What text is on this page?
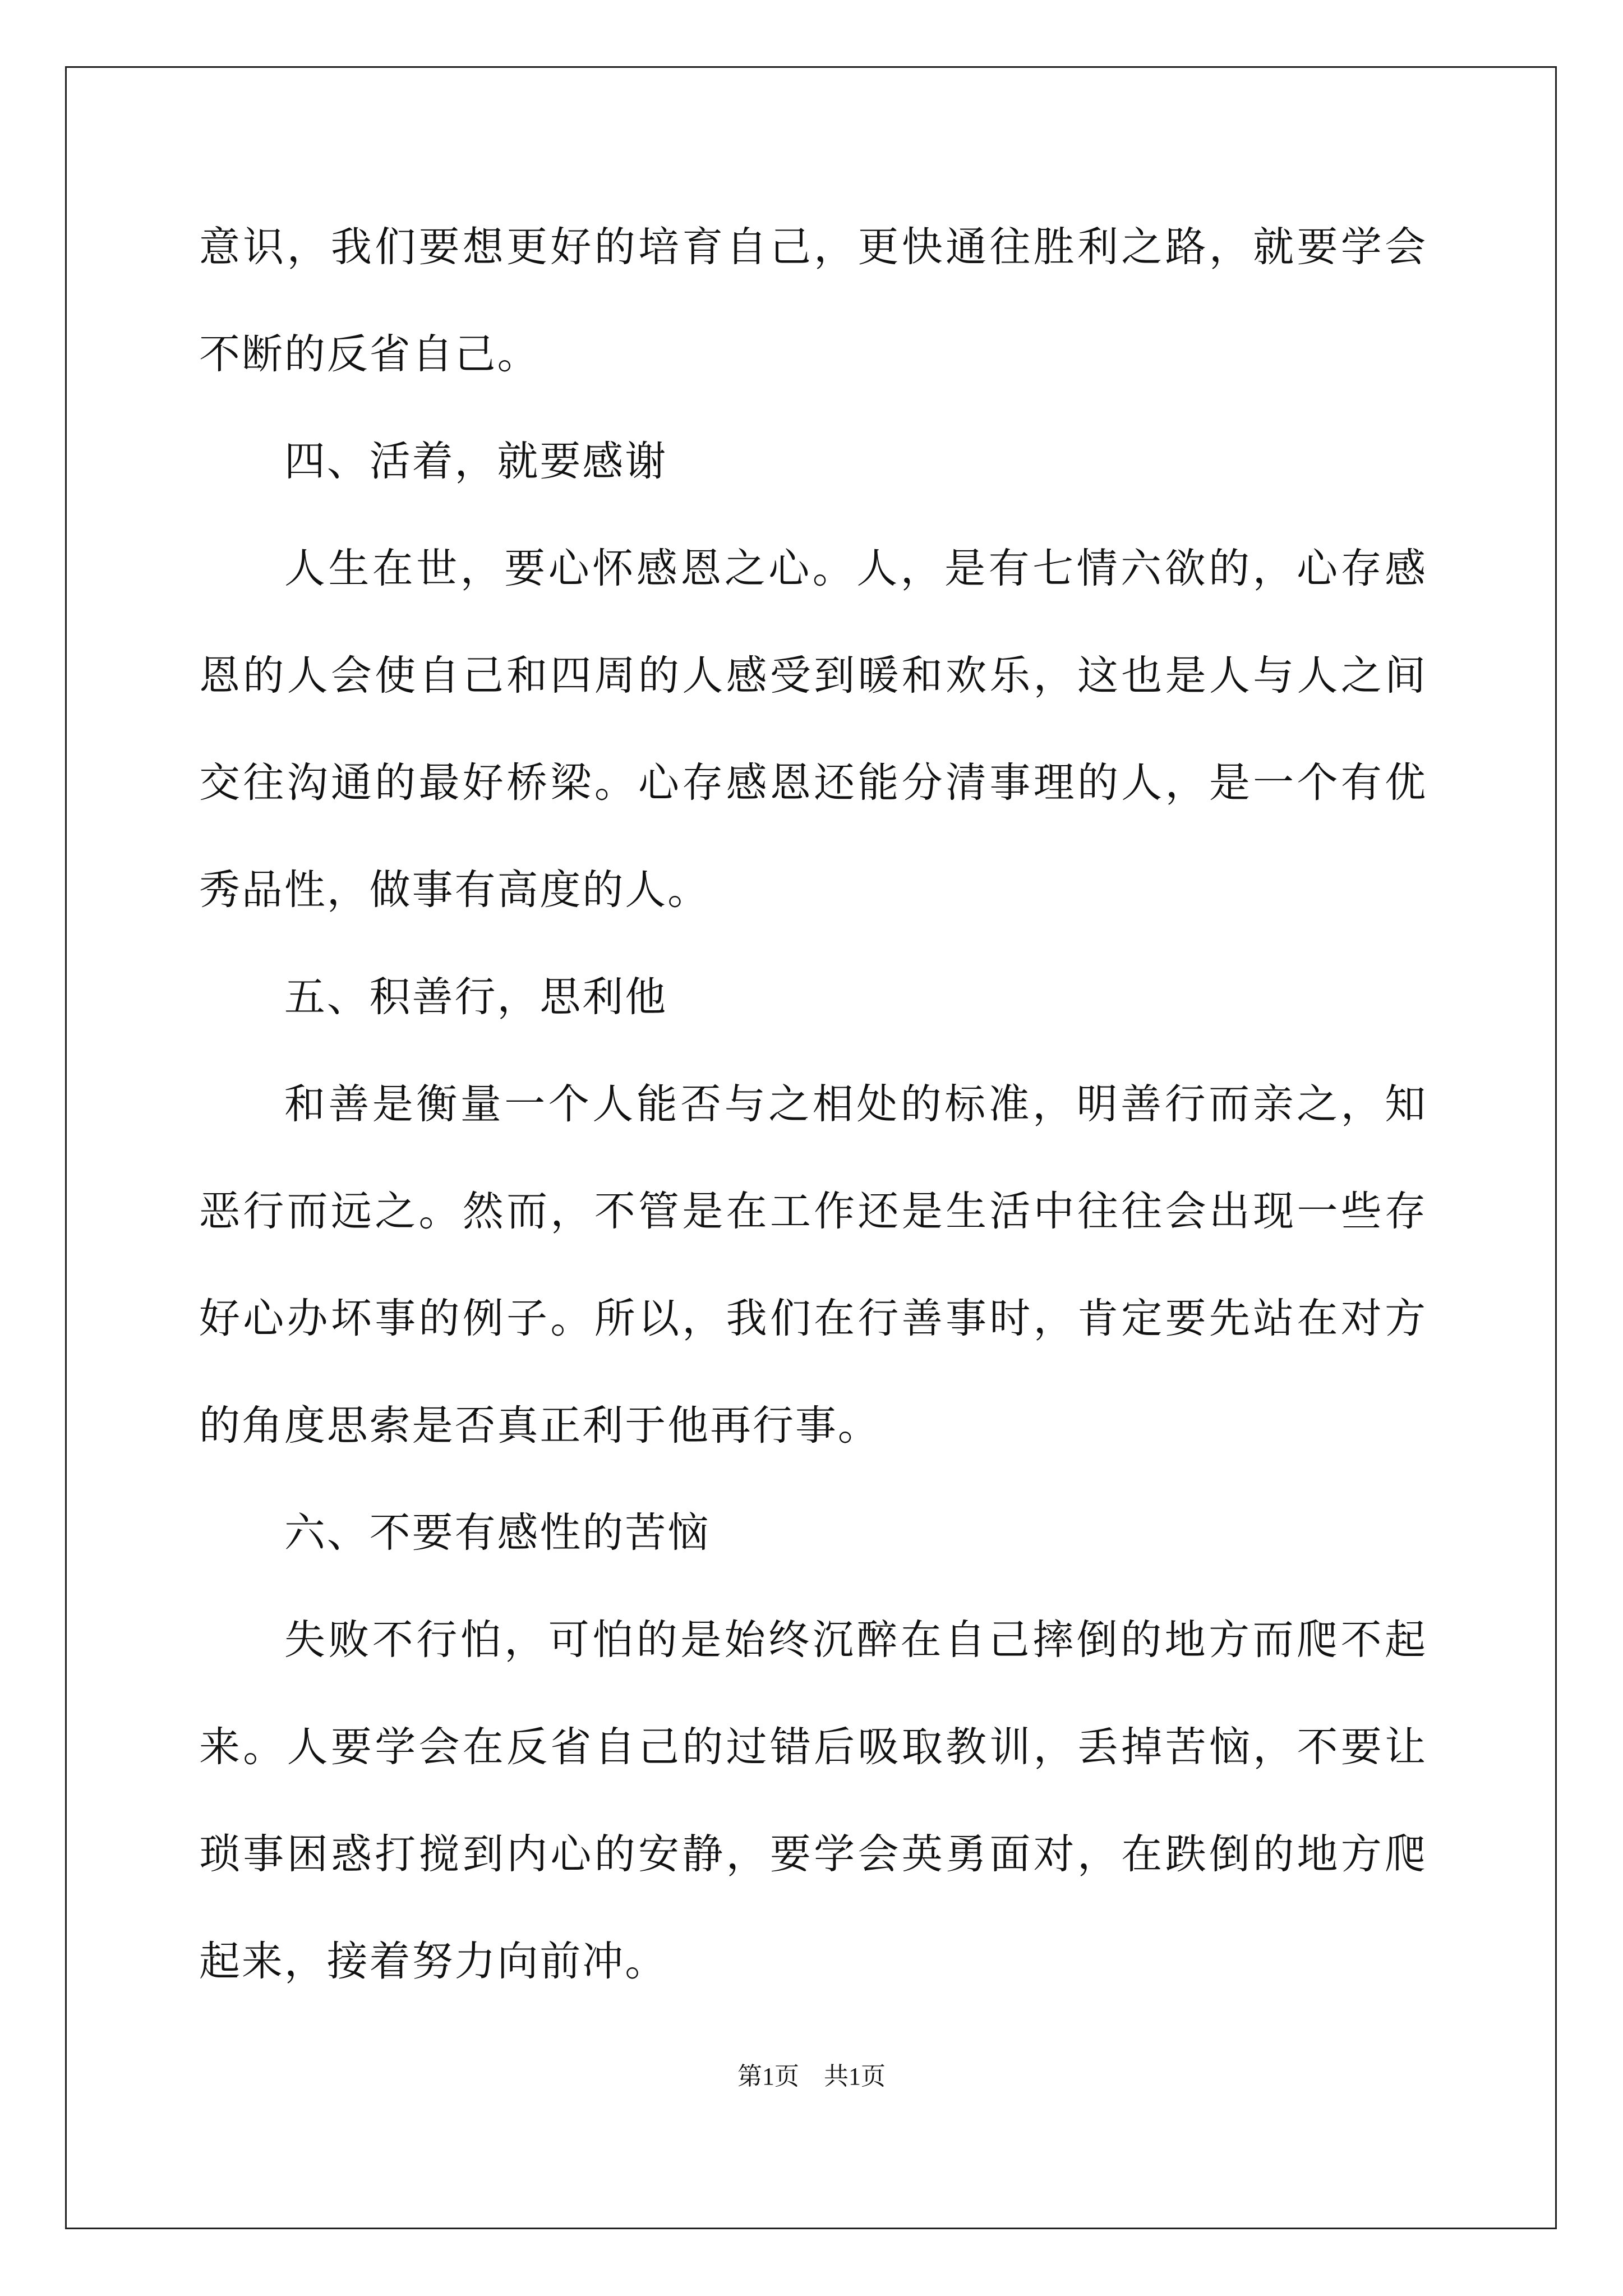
意识，我们要想更好的培育自己，更快通往胜利之路，就要学会不断的反省自己。

四、活着，就要感谢

人生在世，要心怀感恩之心。人，是有七情六欲的，心存感恩的人会使自己和四周的人感受到暖和欢乐，这也是人与人之间交往沟通的最好桥梁。心存感恩还能分清事理的人，是一个有优秀品性，做事有高度的人。

五、积善行，思利他

和善是衡量一个人能否与之相处的标准，明善行而亲之，知恶行而远之。然而，不管是在工作还是生活中往往会出现一些存好心办坏事的例子。所以，我们在行善事时，肯定要先站在对方的角度思索是否真正利于他再行事。

六、不要有感性的苦恼

失败不行怕，可怕的是始终沉醉在自己摔倒的地方而爬不起来。人要学会在反省自己的过错后吸取教训，丢掉苦恼，不要让琐事困惑打搅到内心的安静，要学会英勇面对，在跌倒的地方爬起来，接着努力向前冲。

第1页　共1页
